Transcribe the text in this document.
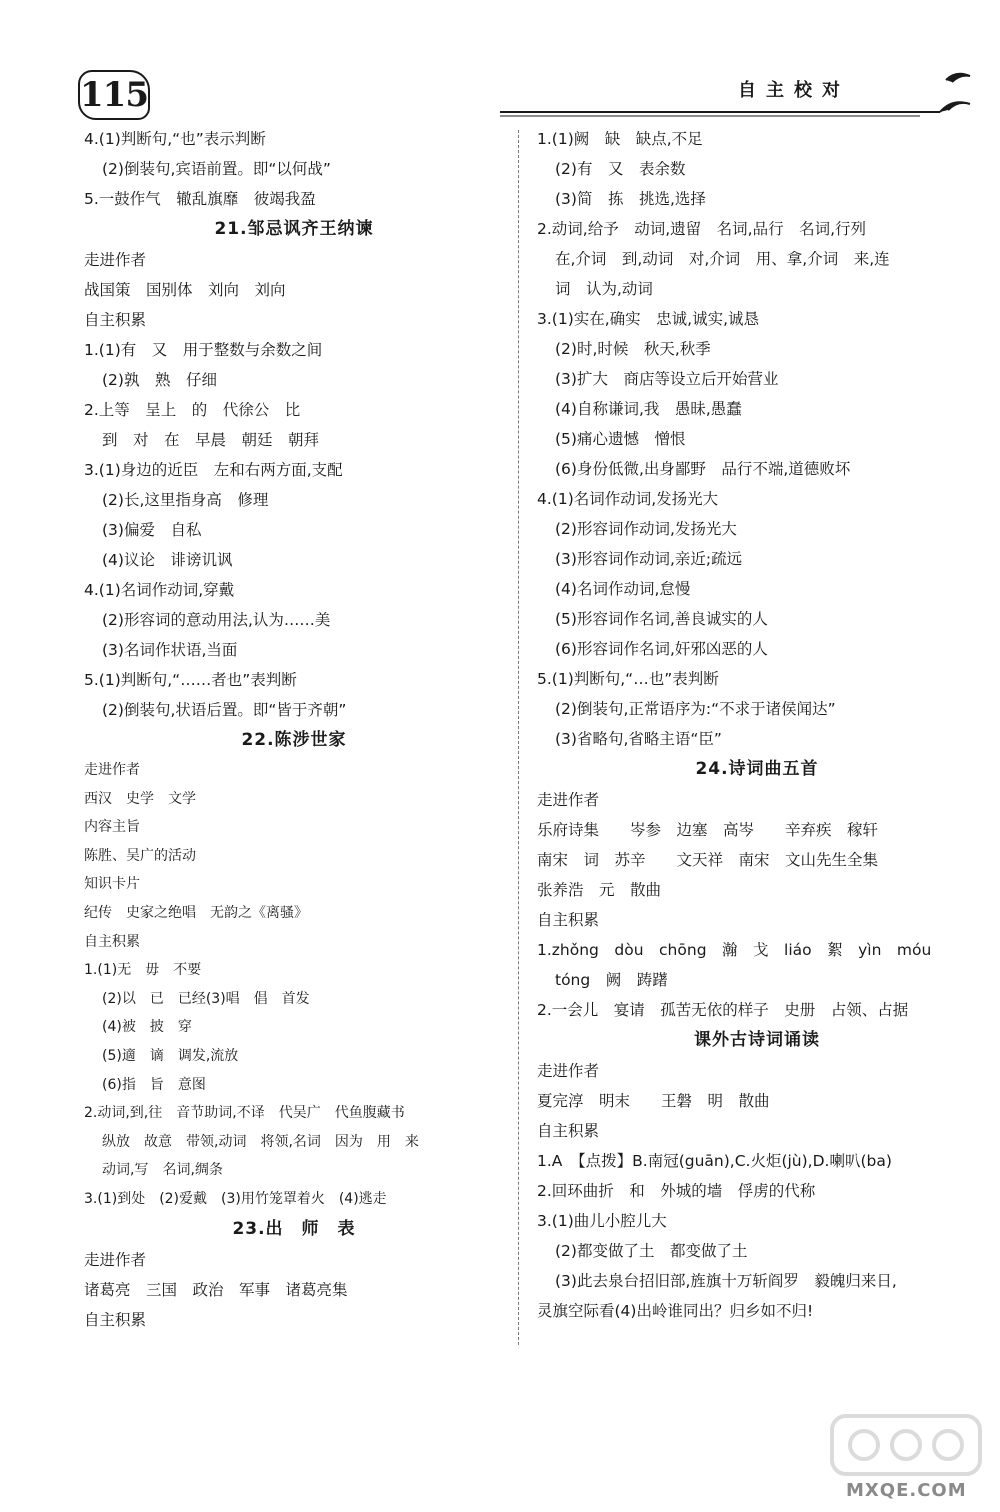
115	自主校对
4.(1)判断句,“也”表示判断
(2)倒装句,宾语前置。即“以何战”
5.一鼓作气　辙乱旗靡　彼竭我盈
21.邹忌讽齐王纳谏
走进作者
战国策　国别体　刘向　刘向
自主积累
1.(1)有　又　用于整数与余数之间
(2)孰　熟　仔细
2.上等　呈上　的　代徐公　比
到　对　在　早晨　朝廷　朝拜
3.(1)身边的近臣　左和右两方面,支配
(2)长,这里指身高　修理
(3)偏爱　自私
(4)议论　诽谤讥讽
4.(1)名词作动词,穿戴
(2)形容词的意动用法,认为……美
(3)名词作状语,当面
5.(1)判断句,“……者也”表判断
(2)倒装句,状语后置。即“皆于齐朝”
22.陈涉世家
走进作者
西汉　史学　文学
内容主旨
陈胜、吴广的活动
知识卡片
纪传　史家之绝唱　无韵之《离骚》
自主积累
1.(1)无　毋　不要
(2)以　已　已经(3)唱　倡　首发
(4)被　披　穿
(5)適　谪　调发,流放
(6)指　旨　意图
2.动词,到,往　音节助词,不译　代吴广　代鱼腹藏书
纵放　故意　带领,动词　将领,名词　因为　用　来
动词,写　名词,绸条
3.(1)到处　(2)爱戴　(3)用竹笼罩着火　(4)逃走
23.出　师　表
走进作者
诸葛亮　三国　政治　军事　诸葛亮集
自主积累
1.(1)阙　缺　缺点,不足
(2)有　又　表余数
(3)简　拣　挑选,选择
2.动词,给予　动词,遗留　名词,品行　名词,行列
在,介词　到,动词　对,介词　用、拿,介词　来,连
词　认为,动词
3.(1)实在,确实　忠诚,诚实,诚恳
(2)时,时候　秋天,秋季
(3)扩大　商店等设立后开始营业
(4)自称谦词,我　愚昧,愚蠢
(5)痛心遗憾　憎恨
(6)身份低微,出身鄙野　品行不端,道德败坏
4.(1)名词作动词,发扬光大
(2)形容词作动词,发扬光大
(3)形容词作动词,亲近;疏远
(4)名词作动词,怠慢
(5)形容词作名词,善良诚实的人
(6)形容词作名词,奸邪凶恶的人
5.(1)判断句,“…也”表判断
(2)倒装句,正常语序为:“不求于诸侯闻达”
(3)省略句,省略主语“臣”
24.诗词曲五首
走进作者
乐府诗集　　岑参　边塞　高岑　　辛弃疾　稼轩
南宋　词　苏辛　　文天祥　南宋　文山先生全集
张养浩　元　散曲
自主积累
1.zhǒng　dòu　chōng　瀚　戈　liáo　絮　yìn　móu
tóng　阙　踌躇
2.一会儿　宴请　孤苦无依的样子　史册　占领、占据
课外古诗词诵读
走进作者
夏完淳　明末　　王磐　明　散曲
自主积累
1.A　【点拨】B.南冠(guān),C.火炬(jù),D.喇叭(ba)
2.回环曲折　和　外城的墙　俘虏的代称
3.(1)曲儿小腔儿大
(2)都变做了土　都变做了土
(3)此去泉台招旧部,旌旗十万斩阎罗　毅魄归来日,
灵旗空际看(4)出岭谁同出？归乡如不归!
MXQE.COM
